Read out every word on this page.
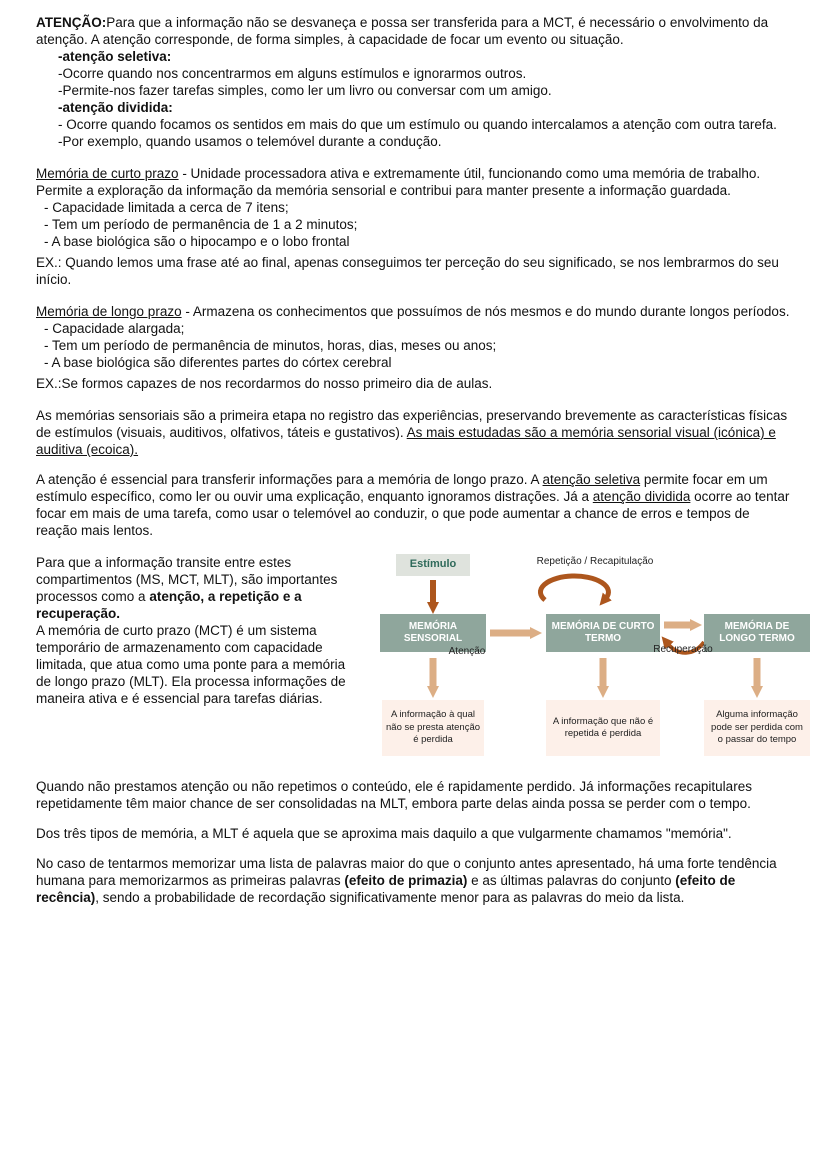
ATENÇÃO:Para que a informação não se desvaneça e possa ser transferida para a MCT, é necessário o envolvimento da atenção. A atenção corresponde, de forma simples, à capacidade de focar um evento ou situação.

-atenção seletiva:

-Ocorre quando nos concentrarmos em alguns estímulos e ignorarmos outros.

-Permite-nos fazer tarefas simples, como ler um livro ou conversar com um amigo.

-atenção dividida:

- Ocorre quando focamos os sentidos em mais do que um estímulo ou quando intercalamos a atenção com outra tarefa.

-Por exemplo, quando usamos o telemóvel durante a condução.

Memória de curto prazo - Unidade processadora ativa e extremamente útil, funcionando como uma memória de trabalho. Permite a exploração da informação da memória sensorial e contribui para manter presente a informação guardada.

- Capacidade limitada a cerca de 7 itens;

- Tem um período de permanência de 1 a 2 minutos;

- A base biológica são o hipocampo e o lobo frontal

EX.: Quando lemos uma frase até ao final, apenas conseguimos ter perceção do seu significado, se nos lembrarmos do seu início.

Memória de longo prazo - Armazena os conhecimentos que possuímos de nós mesmos e do mundo durante longos períodos.

- Capacidade alargada;

- Tem um período de permanência de minutos, horas, dias, meses ou anos;

- A base biológica são diferentes partes do córtex cerebral

EX.:Se formos capazes de nos recordarmos do nosso primeiro dia de aulas.

As memórias sensoriais são a primeira etapa no registro das experiências, preservando brevemente as características físicas de estímulos (visuais, auditivos, olfativos, táteis e gustativos). As mais estudadas são a memória sensorial visual (icónica) e auditiva (ecoica).

A atenção é essencial para transferir informações para a memória de longo prazo. A atenção seletiva permite focar em um estímulo específico, como ler ou ouvir uma explicação, enquanto ignoramos distrações. Já a atenção dividida ocorre ao tentar focar em mais de uma tarefa, como usar o telemóvel ao conduzir, o que pode aumentar a chance de erros e tempos de reação mais lentos.

Para que a informação transite entre estes compartimentos (MS, MCT, MLT), são importantes processos como a atenção, a repetição e a recuperação.

A memória de curto prazo (MCT) é um sistema temporário de armazenamento com capacidade limitada, que atua como uma ponte para a memória de longo prazo (MLT). Ela processa informações de maneira ativa e é essencial para tarefas diárias.

Estímulo	Repetição / Recapitulação
MEMÓRIA SENSORIAL
MEMÓRIA DE CURTO TERMO
MEMÓRIA DE LONGO TERMO
Atenção	Recuperação
A informação à qual não se presta atenção é perdida
A informação que não é repetida é perdida
Alguma informação pode ser perdida com o passar do tempo

Quando não prestamos atenção ou não repetimos o conteúdo, ele é rapidamente perdido. Já informações recapitulares repetidamente têm maior chance de ser consolidadas na MLT, embora parte delas ainda possa se perder com o tempo.

Dos três tipos de memória, a MLT é aquela que se aproxima mais daquilo a que vulgarmente chamamos "memória".

No caso de tentarmos memorizar uma lista de palavras maior do que o conjunto antes apresentado, há uma forte tendência humana para memorizarmos as primeiras palavras (efeito de primazia) e as últimas palavras do conjunto (efeito de recência), sendo a probabilidade de recordação significativamente menor para as palavras do meio da lista.
